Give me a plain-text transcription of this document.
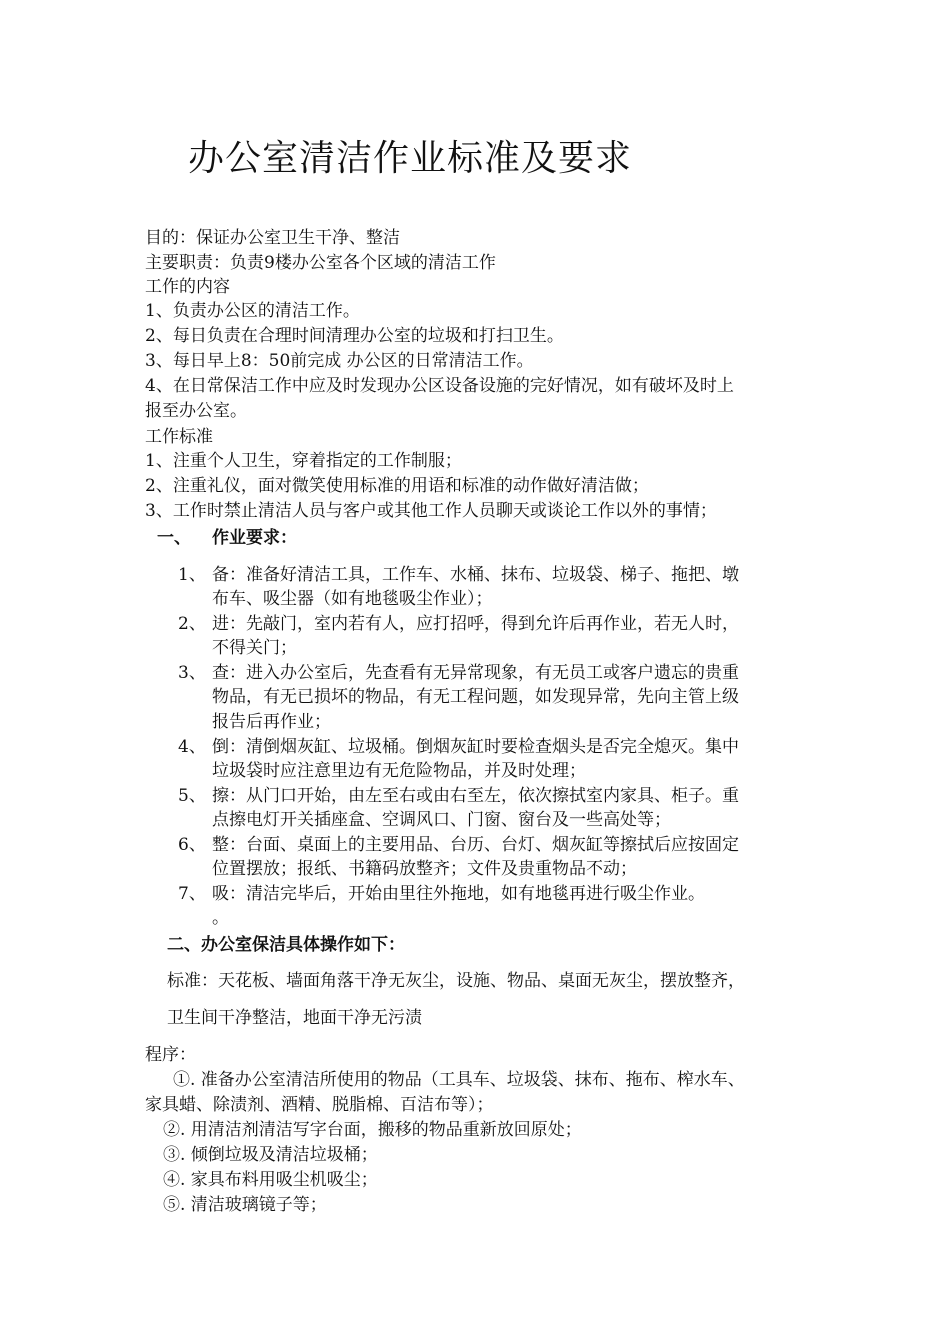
办公室清洁作业标准及要求
目的：保证办公室卫生干净、整洁
主要职责：负责9楼办公室各个区域的清洁工作
工作的内容
1、负责办公区的清洁工作。
2、每日负责在合理时间清理办公室的垃圾和打扫卫生。
3、每日早上8：50前完成 办公区的日常清洁工作。
4、在日常保洁工作中应及时发现办公区设备设施的完好情况，如有破坏及时上
报至办公室。
工作标准
1、注重个人卫生，穿着指定的工作制服；
2、注重礼仪，面对微笑使用标准的用语和标准的动作做好清洁做；
3、工作时禁止清洁人员与客户或其他工作人员聊天或谈论工作以外的事情；
一、 作业要求：
1、 备：准备好清洁工具，工作车、水桶、抹布、垃圾袋、梯子、拖把、墩
布车、吸尘器（如有地毯吸尘作业）；
2、 进：先敲门，室内若有人，应打招呼，得到允许后再作业，若无人时，
不得关门；
3、 查：进入办公室后，先查看有无异常现象，有无员工或客户遗忘的贵重
物品，有无已损坏的物品，有无工程问题，如发现异常，先向主管上级
报告后再作业；
4、 倒：清倒烟灰缸、垃圾桶。倒烟灰缸时要检查烟头是否完全熄灭。集中
垃圾袋时应注意里边有无危险物品，并及时处理；
5、 擦：从门口开始，由左至右或由右至左，依次擦拭室内家具、柜子。重
点擦电灯开关插座盒、空调风口、门窗、窗台及一些高处等；
6、 整：台面、桌面上的主要用品、台历、台灯、烟灰缸等擦拭后应按固定
位置摆放；报纸、书籍码放整齐；文件及贵重物品不动；
7、 吸：清洁完毕后，开始由里往外拖地，如有地毯再进行吸尘作业。
。
二、办公室保洁具体操作如下：
标准：天花板、墙面角落干净无灰尘，设施、物品、桌面无灰尘，摆放整齐，
卫生间干净整洁，地面干净无污渍
程序：
①. 准备办公室清洁所使用的物品（工具车、垃圾袋、抹布、拖布、榨水车、
家具蜡、除渍剂、酒精、脱脂棉、百洁布等）；
②. 用清洁剂清洁写字台面，搬移的物品重新放回原处；
③. 倾倒垃圾及清洁垃圾桶；
④. 家具布料用吸尘机吸尘；
⑤. 清洁玻璃镜子等；
